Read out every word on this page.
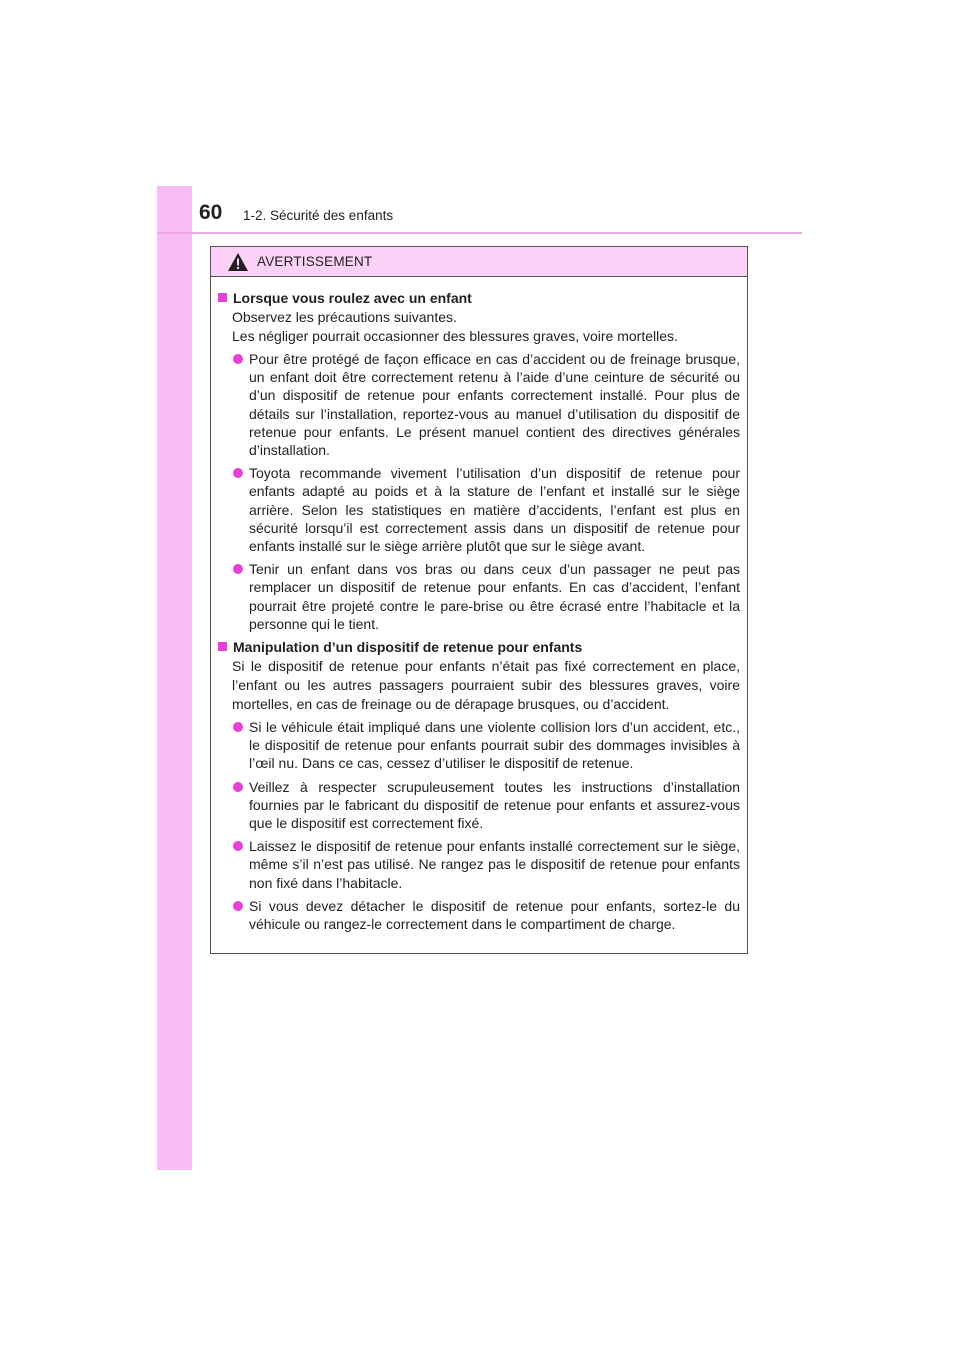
60 1-2. Sécurité des enfants
AVERTISSEMENT
Lorsque vous roulez avec un enfant
Observez les précautions suivantes.
Les négliger pourrait occasionner des blessures graves, voire mortelles.
Pour être protégé de façon efficace en cas d’accident ou de freinage brusque, un enfant doit être correctement retenu à l’aide d’une ceinture de sécurité ou d’un dispositif de retenue pour enfants correctement installé. Pour plus de détails sur l’installation, reportez-vous au manuel d’utilisation du dispositif de retenue pour enfants. Le présent manuel contient des directives générales d’installation.
Toyota recommande vivement l’utilisation d’un dispositif de retenue pour enfants adapté au poids et à la stature de l’enfant et installé sur le siège arrière. Selon les statistiques en matière d’accidents, l’enfant est plus en sécurité lorsqu’il est correctement assis dans un dispositif de retenue pour enfants installé sur le siège arrière plutôt que sur le siège avant.
Tenir un enfant dans vos bras ou dans ceux d’un passager ne peut pas remplacer un dispositif de retenue pour enfants. En cas d’accident, l’enfant pourrait être projeté contre le pare-brise ou être écrasé entre l’habitacle et la personne qui le tient.
Manipulation d’un dispositif de retenue pour enfants
Si le dispositif de retenue pour enfants n’était pas fixé correctement en place, l’enfant ou les autres passagers pourraient subir des blessures graves, voire mortelles, en cas de freinage ou de dérapage brusques, ou d’accident.
Si le véhicule était impliqué dans une violente collision lors d’un accident, etc., le dispositif de retenue pour enfants pourrait subir des dommages invisibles à l’œil nu. Dans ce cas, cessez d’utiliser le dispositif de retenue.
Veillez à respecter scrupuleusement toutes les instructions d’installation fournies par le fabricant du dispositif de retenue pour enfants et assurez-vous que le dispositif est correctement fixé.
Laissez le dispositif de retenue pour enfants installé correctement sur le siège, même s’il n’est pas utilisé. Ne rangez pas le dispositif de retenue pour enfants non fixé dans l’habitacle.
Si vous devez détacher le dispositif de retenue pour enfants, sortez-le du véhicule ou rangez-le correctement dans le compartiment de charge.
